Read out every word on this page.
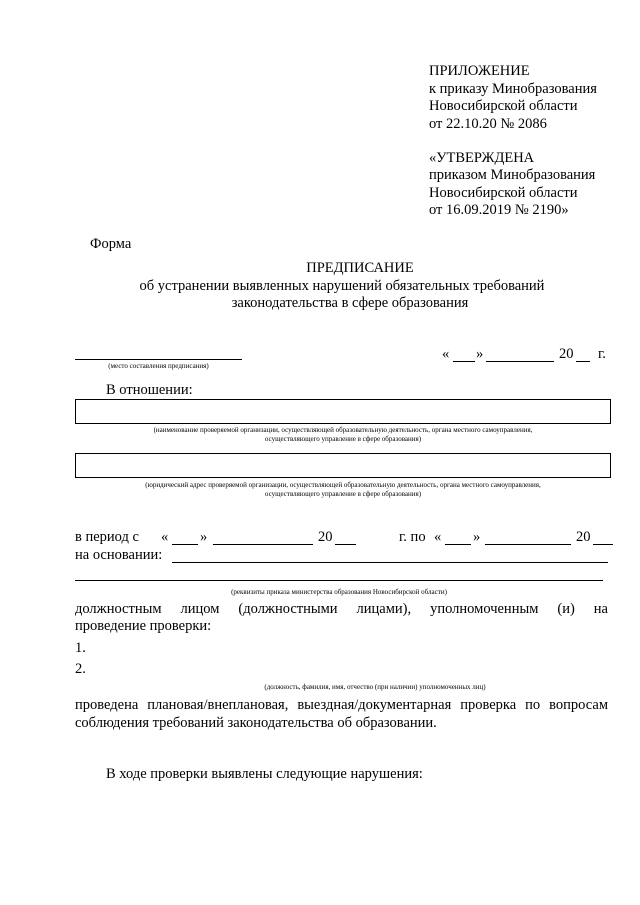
ПРИЛОЖЕНИЕ
к приказу Минобразования
Новосибирской области
от 22.10.20 № 2086
«УТВЕРЖДЕНА
приказом Минобразования
Новосибирской области
от 16.09.2019 № 2190»
Форма
ПРЕДПИСАНИЕ
об устранении выявленных нарушений обязательных требований
законодательства в сфере образования
(место составления предписания)
« »	20 г.
В отношении:
(наименование проверяемой организации, осуществляющей образовательную деятельность, органа местного самоуправления,
осуществляющего управление в сфере образования)
(юридический адрес проверяемой организации, осуществляющей образовательную деятельность, органа местного самоуправления,
осуществляющего управление в сфере образования)
в период с « »	20	г. по « »	20
на основании:
(реквизиты приказа министерства образования Новосибирской области)
должностным лицом (должностными лицами), уполномоченным (и) на
проведение проверки:
1.
2.
(должность, фамилия, имя, отчество (при наличии) уполномоченных лиц)
проведена плановая/внеплановая, выездная/документарная проверка по вопросам
соблюдения требований законодательства об образовании.
В ходе проверки выявлены следующие нарушения:
